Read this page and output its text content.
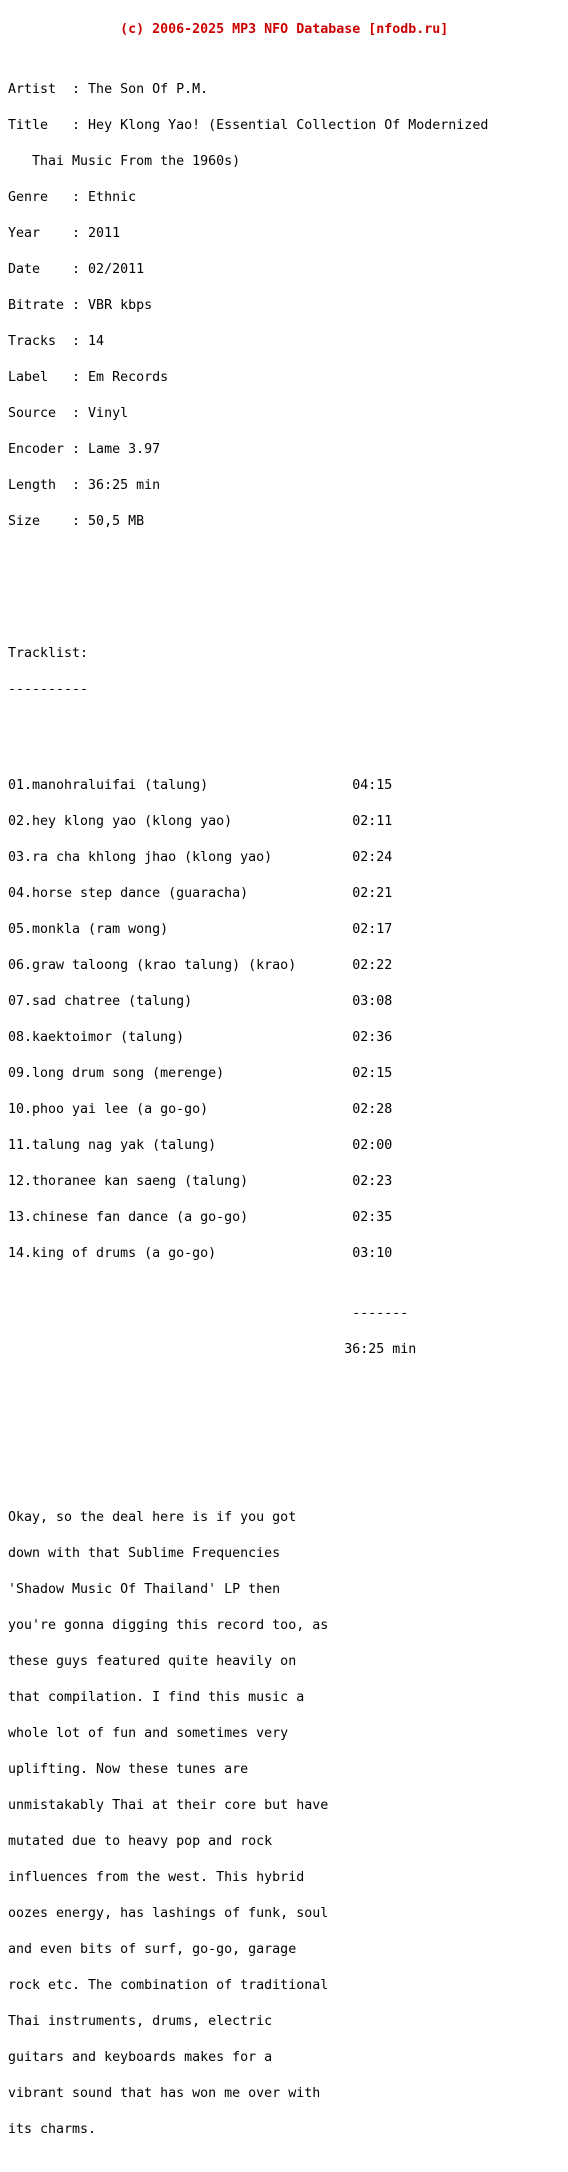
(c) 2006-2025 MP3 NFO Database [nfodb.ru]

Artist  : The Son Of P.M.

Title   : Hey Klong Yao! (Essential Collection Of Modernized

Thai Music From the 1960s)

Genre   : Ethnic

Year    : 2011

Date    : 02/2011

Bitrate : VBR kbps

Tracks  : 14

Label   : Em Records

Source  : Vinyl

Encoder : Lame 3.97

Length  : 36:25 min

Size    : 50,5 MB

Tracklist:

----------

01.manohraluifai (talung)                  04:15

02.hey klong yao (klong yao)               02:11

03.ra cha khlong jhao (klong yao)          02:24

04.horse step dance (guaracha)             02:21

05.monkla (ram wong)                       02:17

06.graw taloong (krao talung) (krao)       02:22

07.sad chatree (talung)                    03:08

08.kaektoimor (talung)                     02:36

09.long drum song (merenge)                02:15

10.phoo yai lee (a go-go)                  02:28

11.talung nag yak (talung)                 02:00

12.thoranee kan saeng (talung)             02:23

13.chinese fan dance (a go-go)             02:35

14.king of drums (a go-go)                 03:10

-------

36:25 min

Okay, so the deal here is if you got

down with that Sublime Frequencies

'Shadow Music Of Thailand' LP then

you're gonna digging this record too, as

these guys featured quite heavily on

that compilation. I find this music a

whole lot of fun and sometimes very

uplifting. Now these tunes are

unmistakably Thai at their core but have

mutated due to heavy pop and rock

influences from the west. This hybrid

oozes energy, has lashings of funk, soul

and even bits of surf, go-go, garage

rock etc. The combination of traditional

Thai instruments, drums, electric

guitars and keyboards makes for a

vibrant sound that has won me over with

its charms.
